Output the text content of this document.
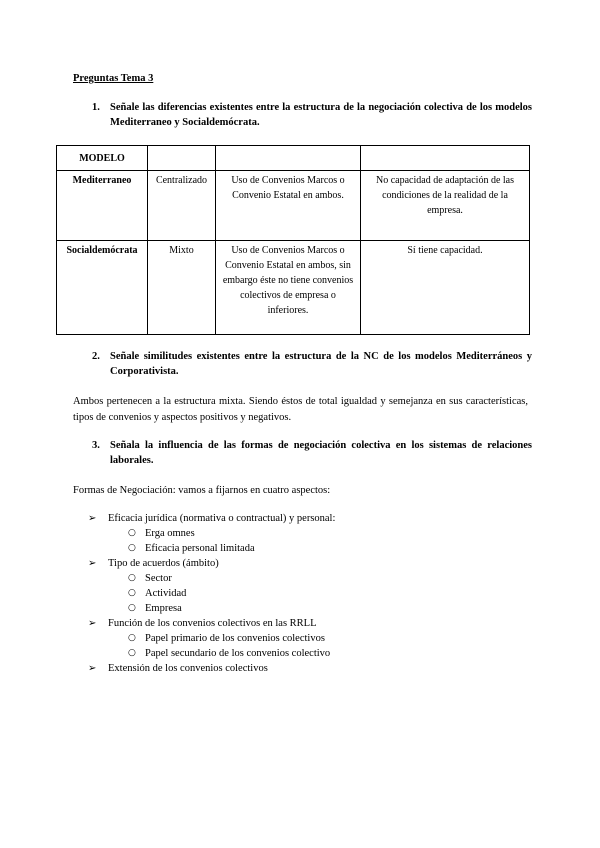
Preguntas Tema 3
1. Señale las diferencias existentes entre la estructura de la negociación colectiva de los modelos Mediterraneo y Socialdemócrata.
MODELO			
Mediterraneo	Centralizado	Uso de Convenios Marcos o Convenio Estatal en ambos.	No capacidad de adaptación de las condiciones de la realidad de la empresa.
Socialdemócrata	Mixto	Uso de Convenios Marcos o Convenio Estatal en ambos, sin embargo éste no tiene convenios colectivos de empresa o inferiores.	Sí tiene capacidad.
2. Señale similitudes existentes entre la estructura de la NC de los modelos Mediterráneos y Corporativista.
Ambos pertenecen a la estructura mixta. Siendo éstos de total igualdad y semejanza en sus características, tipos de convenios y aspectos positivos y negativos.
3. Señala la influencia de las formas de negociación colectiva en los sistemas de relaciones laborales.
Formas de Negociación: vamos a fijarnos en cuatro aspectos:
➢ Eficacia jurídica (normativa o contractual) y personal:
○ Erga omnes
○ Eficacia personal limitada
➢ Tipo de acuerdos (ámbito)
○ Sector
○ Actividad
○ Empresa
➢ Función de los convenios colectivos en las RRLL
○ Papel primario de los convenios colectivos
○ Papel secundario de los convenios colectivo
➢ Extensión de los convenios colectivos
